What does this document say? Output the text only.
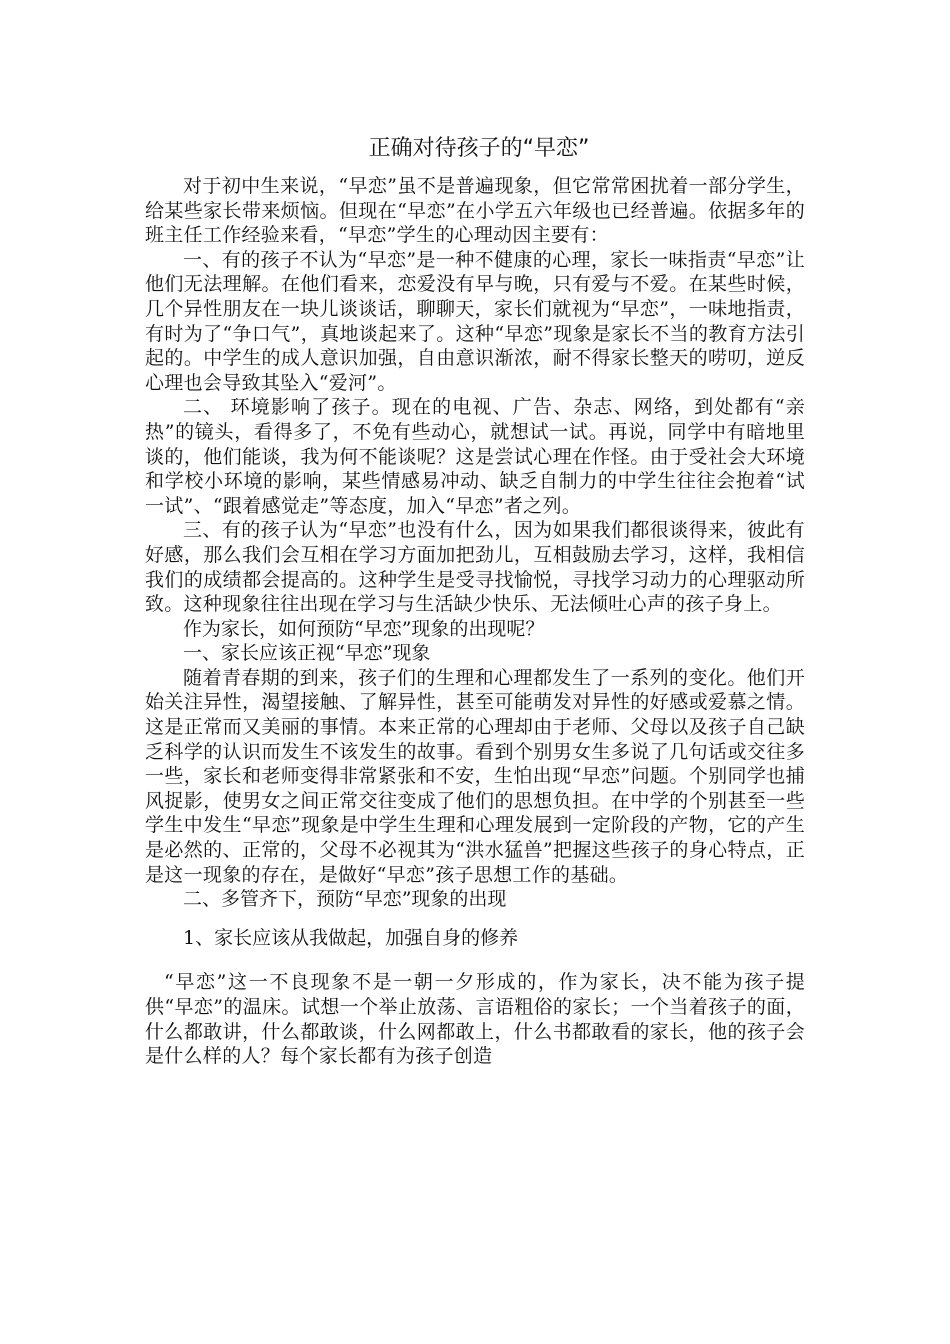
正确对待孩子的“早恋”

对于初中生来说，“早恋”虽不是普遍现象，但它常常困扰着一部分学生，给某些家长带来烦恼。但现在“早恋”在小学五六年级也已经普遍。依据多年的班主任工作经验来看，“早恋”学生的心理动因主要有：

一、有的孩子不认为“早恋”是一种不健康的心理，家长一味指责“早恋”让他们无法理解。在他们看来，恋爱没有早与晚，只有爱与不爱。在某些时候，几个异性朋友在一块儿谈谈话，聊聊天，家长们就视为“早恋”，一味地指责，有时为了“争口气”，真地谈起来了。这种“早恋”现象是家长不当的教育方法引起的。中学生的成人意识加强，自由意识渐浓，耐不得家长整天的唠叨，逆反心理也会导致其坠入“爱河”。

二、 环境影响了孩子。现在的电视、广告、杂志、网络，到处都有“亲热”的镜头，看得多了，不免有些动心，就想试一试。再说，同学中有暗地里谈的，他们能谈，我为何不能谈呢？这是尝试心理在作怪。由于受社会大环境和学校小环境的影响，某些情感易冲动、缺乏自制力的中学生往往会抱着“试一试”、“跟着感觉走”等态度，加入“早恋”者之列。

三、有的孩子认为“早恋”也没有什么，因为如果我们都很谈得来，彼此有好感，那么我们会互相在学习方面加把劲儿，互相鼓励去学习，这样，我相信我们的成绩都会提高的。这种学生是受寻找愉悦，寻找学习动力的心理驱动所致。这种现象往往出现在学习与生活缺少快乐、无法倾吐心声的孩子身上。

作为家长，如何预防“早恋”现象的出现呢？

一、家长应该正视“早恋”现象

随着青春期的到来，孩子们的生理和心理都发生了一系列的变化。他们开始关注异性，渴望接触、了解异性，甚至可能萌发对异性的好感或爱慕之情。这是正常而又美丽的事情。本来正常的心理却由于老师、父母以及孩子自己缺乏科学的认识而发生不该发生的故事。看到个别男女生多说了几句话或交往多一些，家长和老师变得非常紧张和不安，生怕出现“早恋”问题。个别同学也捕风捉影，使男女之间正常交往变成了他们的思想负担。在中学的个别甚至一些学生中发生“早恋”现象是中学生生理和心理发展到一定阶段的产物，它的产生是必然的、正常的，父母不必视其为“洪水猛兽”把握这些孩子的身心特点，正是这一现象的存在，是做好“早恋”孩子思想工作的基础。

二、多管齐下，预防“早恋”现象的出现

1、家长应该从我做起，加强自身的修养

“早恋”这一不良现象不是一朝一夕形成的，作为家长，决不能为孩子提供“早恋”的温床。试想一个举止放荡、言语粗俗的家长；一个当着孩子的面，什么都敢讲，什么都敢谈，什么网都敢上，什么书都敢看的家长，他的孩子会是什么样的人？每个家长都有为孩子创造
